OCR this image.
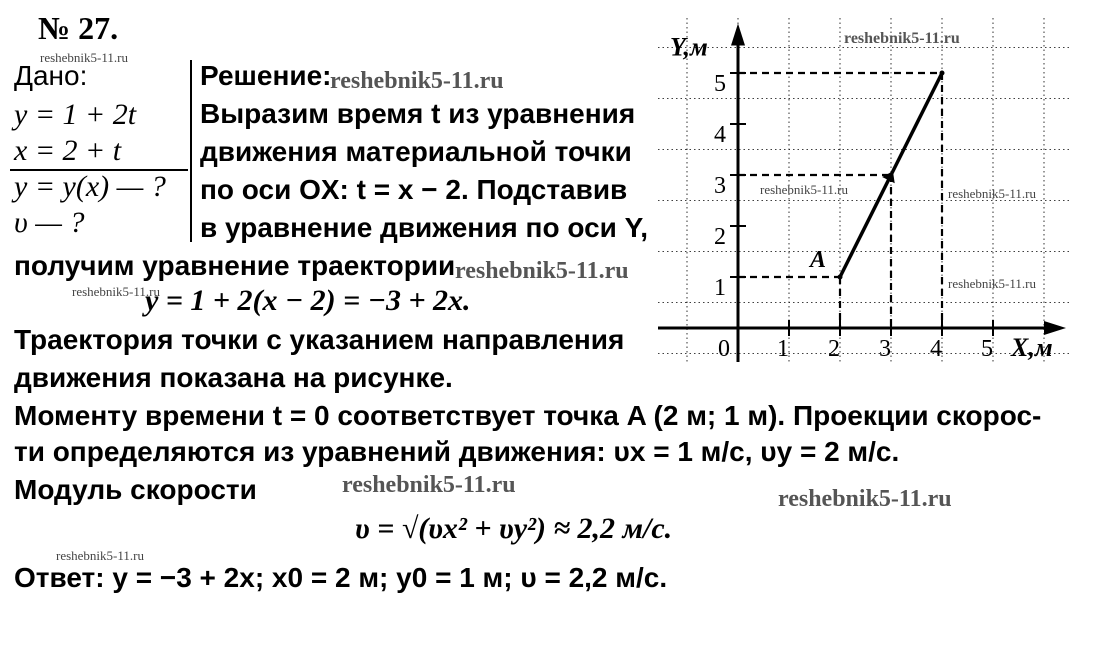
№ 27.
reshebnik5-11.ru
Дано:
y = 1 + 2t
x = 2 + t
y = y(x) — ?
υ — ?
Решение:
reshebnik5-11.ru
Выразим время t из уравнения
движения материальной точки
по оси OX: t = x − 2. Подставив
в уравнение движения по оси Y,
получим уравнение траектории reshebnik5-11.ru
reshebnik5-11.ru
y = 1 + 2(x − 2) = −3 + 2x.
Траектория точки с указанием направления
движения показана на рисунке.
Моменту времени t = 0 соответствует точка A (2 м; 1 м). Проекции скорос-
ти определяются из уравнений движения: υx = 1 м/с, υy = 2 м/с.
Модуль скорости	reshebnik5-11.ru
reshebnik5-11.ru
υ = √(υx² + υy²) ≈ 2,2 м/с.
reshebnik5-11.ru
Ответ: y = −3 + 2x; x0 = 2 м; y0 = 1 м; υ = 2,2 м/с.
0 1 2 3 4 5
1
2
3
4
5
X,м
Y,м
A
reshebnik5-11.ru
reshebnik5-11.ru	reshebnik5-11.ru
reshebnik5-11.ru
